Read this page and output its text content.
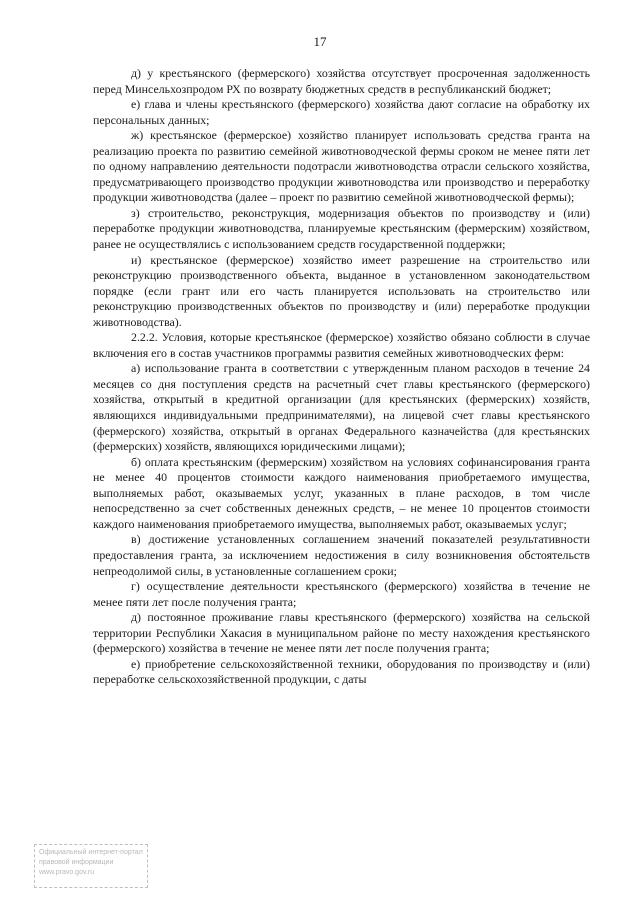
17

д) у крестьянского (фермерского) хозяйства отсутствует просроченная задолженность перед Минсельхозпродом РХ по возврату бюджетных средств в республиканский бюджет;

е) глава и члены крестьянского (фермерского) хозяйства дают согласие на обработку их персональных данных;

ж) крестьянское (фермерское) хозяйство планирует использовать средства гранта на реализацию проекта по развитию семейной животноводческой фермы сроком не менее пяти лет по одному направлению деятельности подотрасли животноводства отрасли сельского хозяйства, предусматривающего производство продукции животноводства или производство и переработку продукции животноводства (далее – проект по развитию семейной животноводческой фермы);

з) строительство, реконструкция, модернизация объектов по производству и (или) переработке продукции животноводства, планируемые крестьянским (фермерским) хозяйством, ранее не осуществлялись с использованием средств государственной поддержки;

и) крестьянское (фермерское) хозяйство имеет разрешение на строительство или реконструкцию производственного объекта, выданное в установленном законодательством порядке (если грант или его часть планируется использовать на строительство или реконструкцию производственных объектов по производству и (или) переработке продукции животноводства).

2.2.2. Условия, которые крестьянское (фермерское) хозяйство обязано соблюсти в случае включения его в состав участников программы развития семейных животноводческих ферм:

а) использование гранта в соответствии с утвержденным планом расходов в течение 24 месяцев со дня поступления средств на расчетный счет главы крестьянского (фермерского) хозяйства, открытый в кредитной организации (для крестьянских (фермерских) хозяйств, являющихся индивидуальными предпринимателями), на лицевой счет главы крестьянского (фермерского) хозяйства, открытый в органах Федерального казначейства (для крестьянских (фермерских) хозяйств, являющихся юридическими лицами);

б) оплата крестьянским (фермерским) хозяйством на условиях софинансирования гранта не менее 40 процентов стоимости каждого наименования приобретаемого имущества, выполняемых работ, оказываемых услуг, указанных в плане расходов, в том числе непосредственно за счет собственных денежных средств, – не менее 10 процентов стоимости каждого наименования приобретаемого имущества, выполняемых работ, оказываемых услуг;

в) достижение установленных соглашением значений показателей результативности предоставления гранта, за исключением недостижения в силу возникновения обстоятельств непреодолимой силы, в установленные соглашением сроки;

г) осуществление деятельности крестьянского (фермерского) хозяйства в течение не менее пяти лет после получения гранта;

д) постоянное проживание главы крестьянского (фермерского) хозяйства на сельской территории Республики Хакасия в муниципальном районе по месту нахождения крестьянского (фермерского) хозяйства в течение не менее пяти лет после получения гранта;

е) приобретение сельскохозяйственной техники, оборудования по производству и (или) переработке сельскохозяйственной продукции, с даты

Официальный интернет-портал
правовой информации
www.pravo.gov.ru
